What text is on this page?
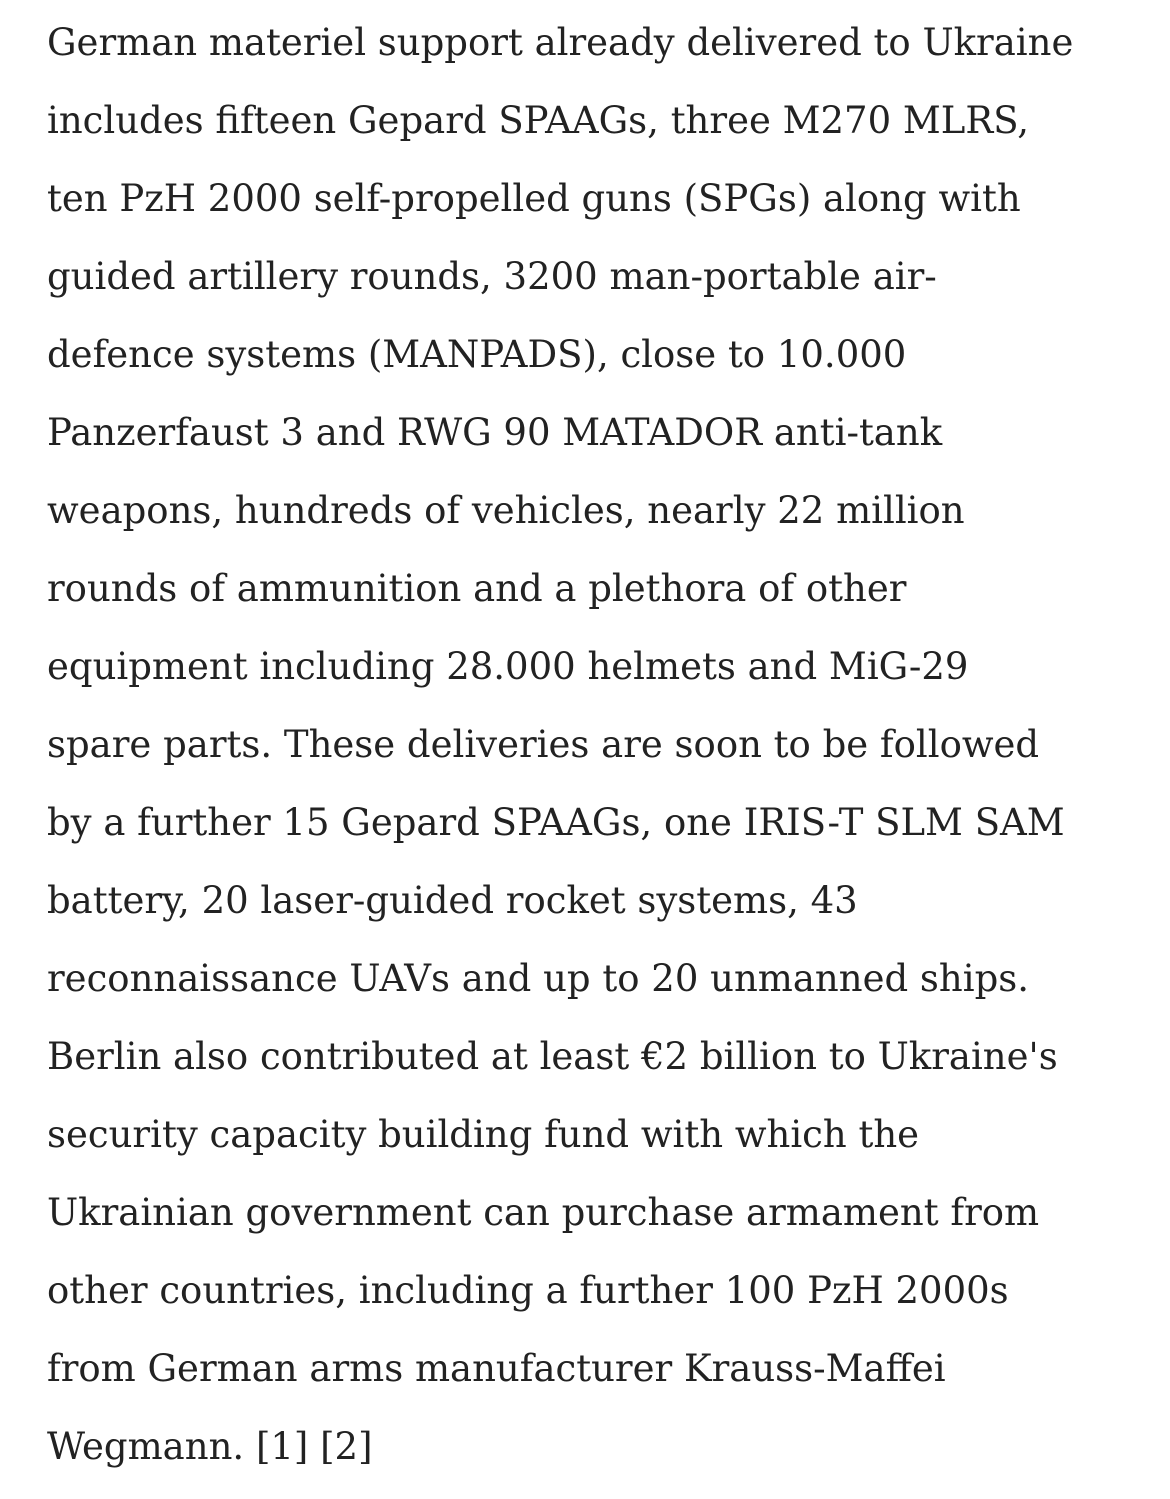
German materiel support already delivered to Ukraine
includes fifteen Gepard SPAAGs, three M270 MLRS,
ten PzH 2000 self-propelled guns (SPGs) along with
guided artillery rounds, 3200 man-portable air-
defence systems (MANPADS), close to 10.000
Panzerfaust 3 and RWG 90 MATADOR anti-tank
weapons, hundreds of vehicles, nearly 22 million
rounds of ammunition and a plethora of other
equipment including 28.000 helmets and MiG-29
spare parts. These deliveries are soon to be followed
by a further 15 Gepard SPAAGs, one IRIS-T SLM SAM
battery, 20 laser-guided rocket systems, 43
reconnaissance UAVs and up to 20 unmanned ships.
Berlin also contributed at least €2 billion to Ukraine's
security capacity building fund with which the
Ukrainian government can purchase armament from
other countries, including a further 100 PzH 2000s
from German arms manufacturer Krauss-Maffei
Wegmann. [1] [2]
